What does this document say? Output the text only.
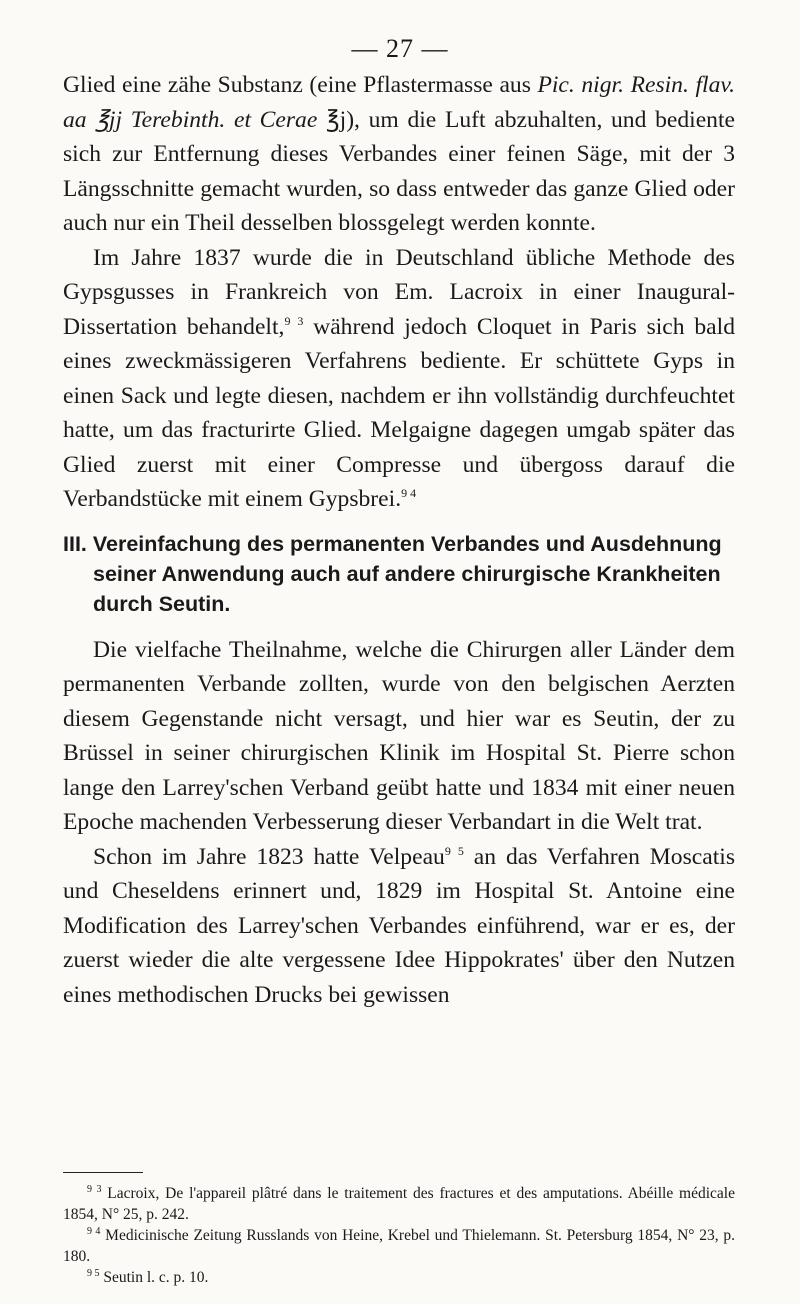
— 27 —

Glied eine zähe Substanz (eine Pflastermasse aus Pic. nigr. Resin. flav. aa ℥jj Terebinth. et Cerae ℥j), um die Luft abzuhalten, und bediente sich zur Entfernung dieses Verbandes einer feinen Säge, mit der 3 Längsschnitte gemacht wurden, so dass entweder das ganze Glied oder auch nur ein Theil desselben blossgelegt werden konnte.

Im Jahre 1837 wurde die in Deutschland übliche Methode des Gypsgusses in Frankreich von Em. Lacroix in einer Inaugural-Dissertation behandelt,$^{9 3}$ während jedoch Cloquet in Paris sich bald eines zweckmässigeren Verfahrens bediente. Er schüttete Gyps in einen Sack und legte diesen, nachdem er ihn vollständig durchfeuchtet hatte, um das fracturirte Glied. Melgaigne dagegen umgab später das Glied zuerst mit einer Compresse und übergoss darauf die Verbandstücke mit einem Gypsbrei.$^{9 4}$

III. Vereinfachung des permanenten Verbandes und Ausdehnung seiner Anwendung auch auf andere chirurgische Krankheiten durch Seutin.

Die vielfache Theilnahme, welche die Chirurgen aller Länder dem permanenten Verbande zollten, wurde von den belgischen Aerzten diesem Gegenstande nicht versagt, und hier war es Seutin, der zu Brüssel in seiner chirurgischen Klinik im Hospital St. Pierre schon lange den Larrey'schen Verband geübt hatte und 1834 mit einer neuen Epoche machenden Verbesserung dieser Verbandart in die Welt trat.

Schon im Jahre 1823 hatte Velpeau$^{9 5}$ an das Verfahren Moscatis und Cheseldens erinnert und, 1829 im Hospital St. Antoine eine Modification des Larrey'schen Verbandes einführend, war er es, der zuerst wieder die alte vergessene Idee Hippokrates' über den Nutzen eines methodischen Drucks bei gewissen

$^{9 3}$ Lacroix, De l'appareil plâtré dans le traitement des fractures et des amputations. Abéille médicale 1854, N° 25, p. 242.

$^{9 4}$ Medicinische Zeitung Russlands von Heine, Krebel und Thielemann. St. Petersburg 1854, N° 23, p. 180.

$^{9 5}$ Seutin l. c. p. 10.
